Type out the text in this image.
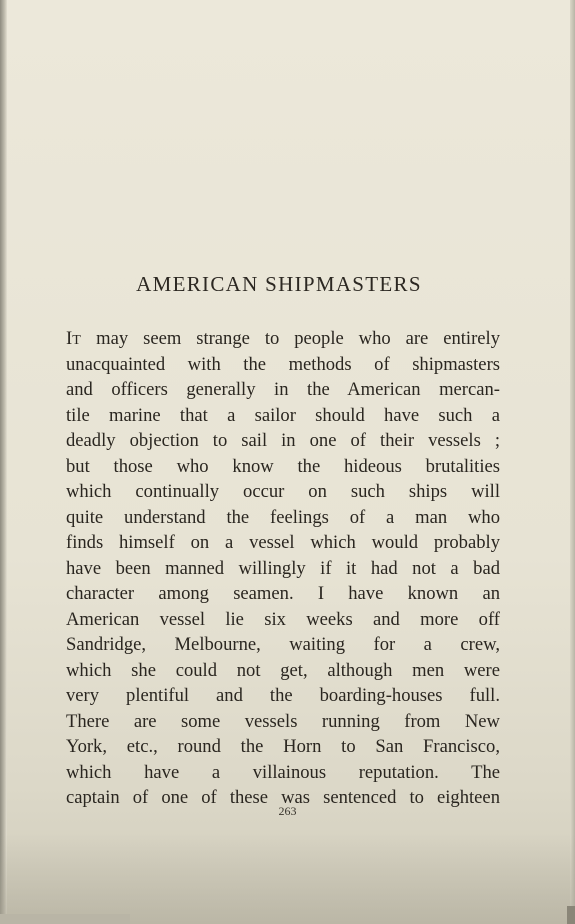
AMERICAN SHIPMASTERS
IT may seem strange to people who are entirely
unacquainted with the methods of shipmasters
and officers generally in the American mercan-
tile marine that a sailor should have such a
deadly objection to sail in one of their vessels ;
but those who know the hideous brutalities
which continually occur on such ships will
quite understand the feelings of a man who
finds himself on a vessel which would probably
have been manned willingly if it had not a bad
character among seamen. I have known an
American vessel lie six weeks and more off
Sandridge, Melbourne, waiting for a crew,
which she could not get, although men were
very plentiful and the boarding-houses full.
There are some vessels running from New
York, etc., round the Horn to San Francisco,
which have a villainous reputation. The
captain of one of these was sentenced to eighteen
263
